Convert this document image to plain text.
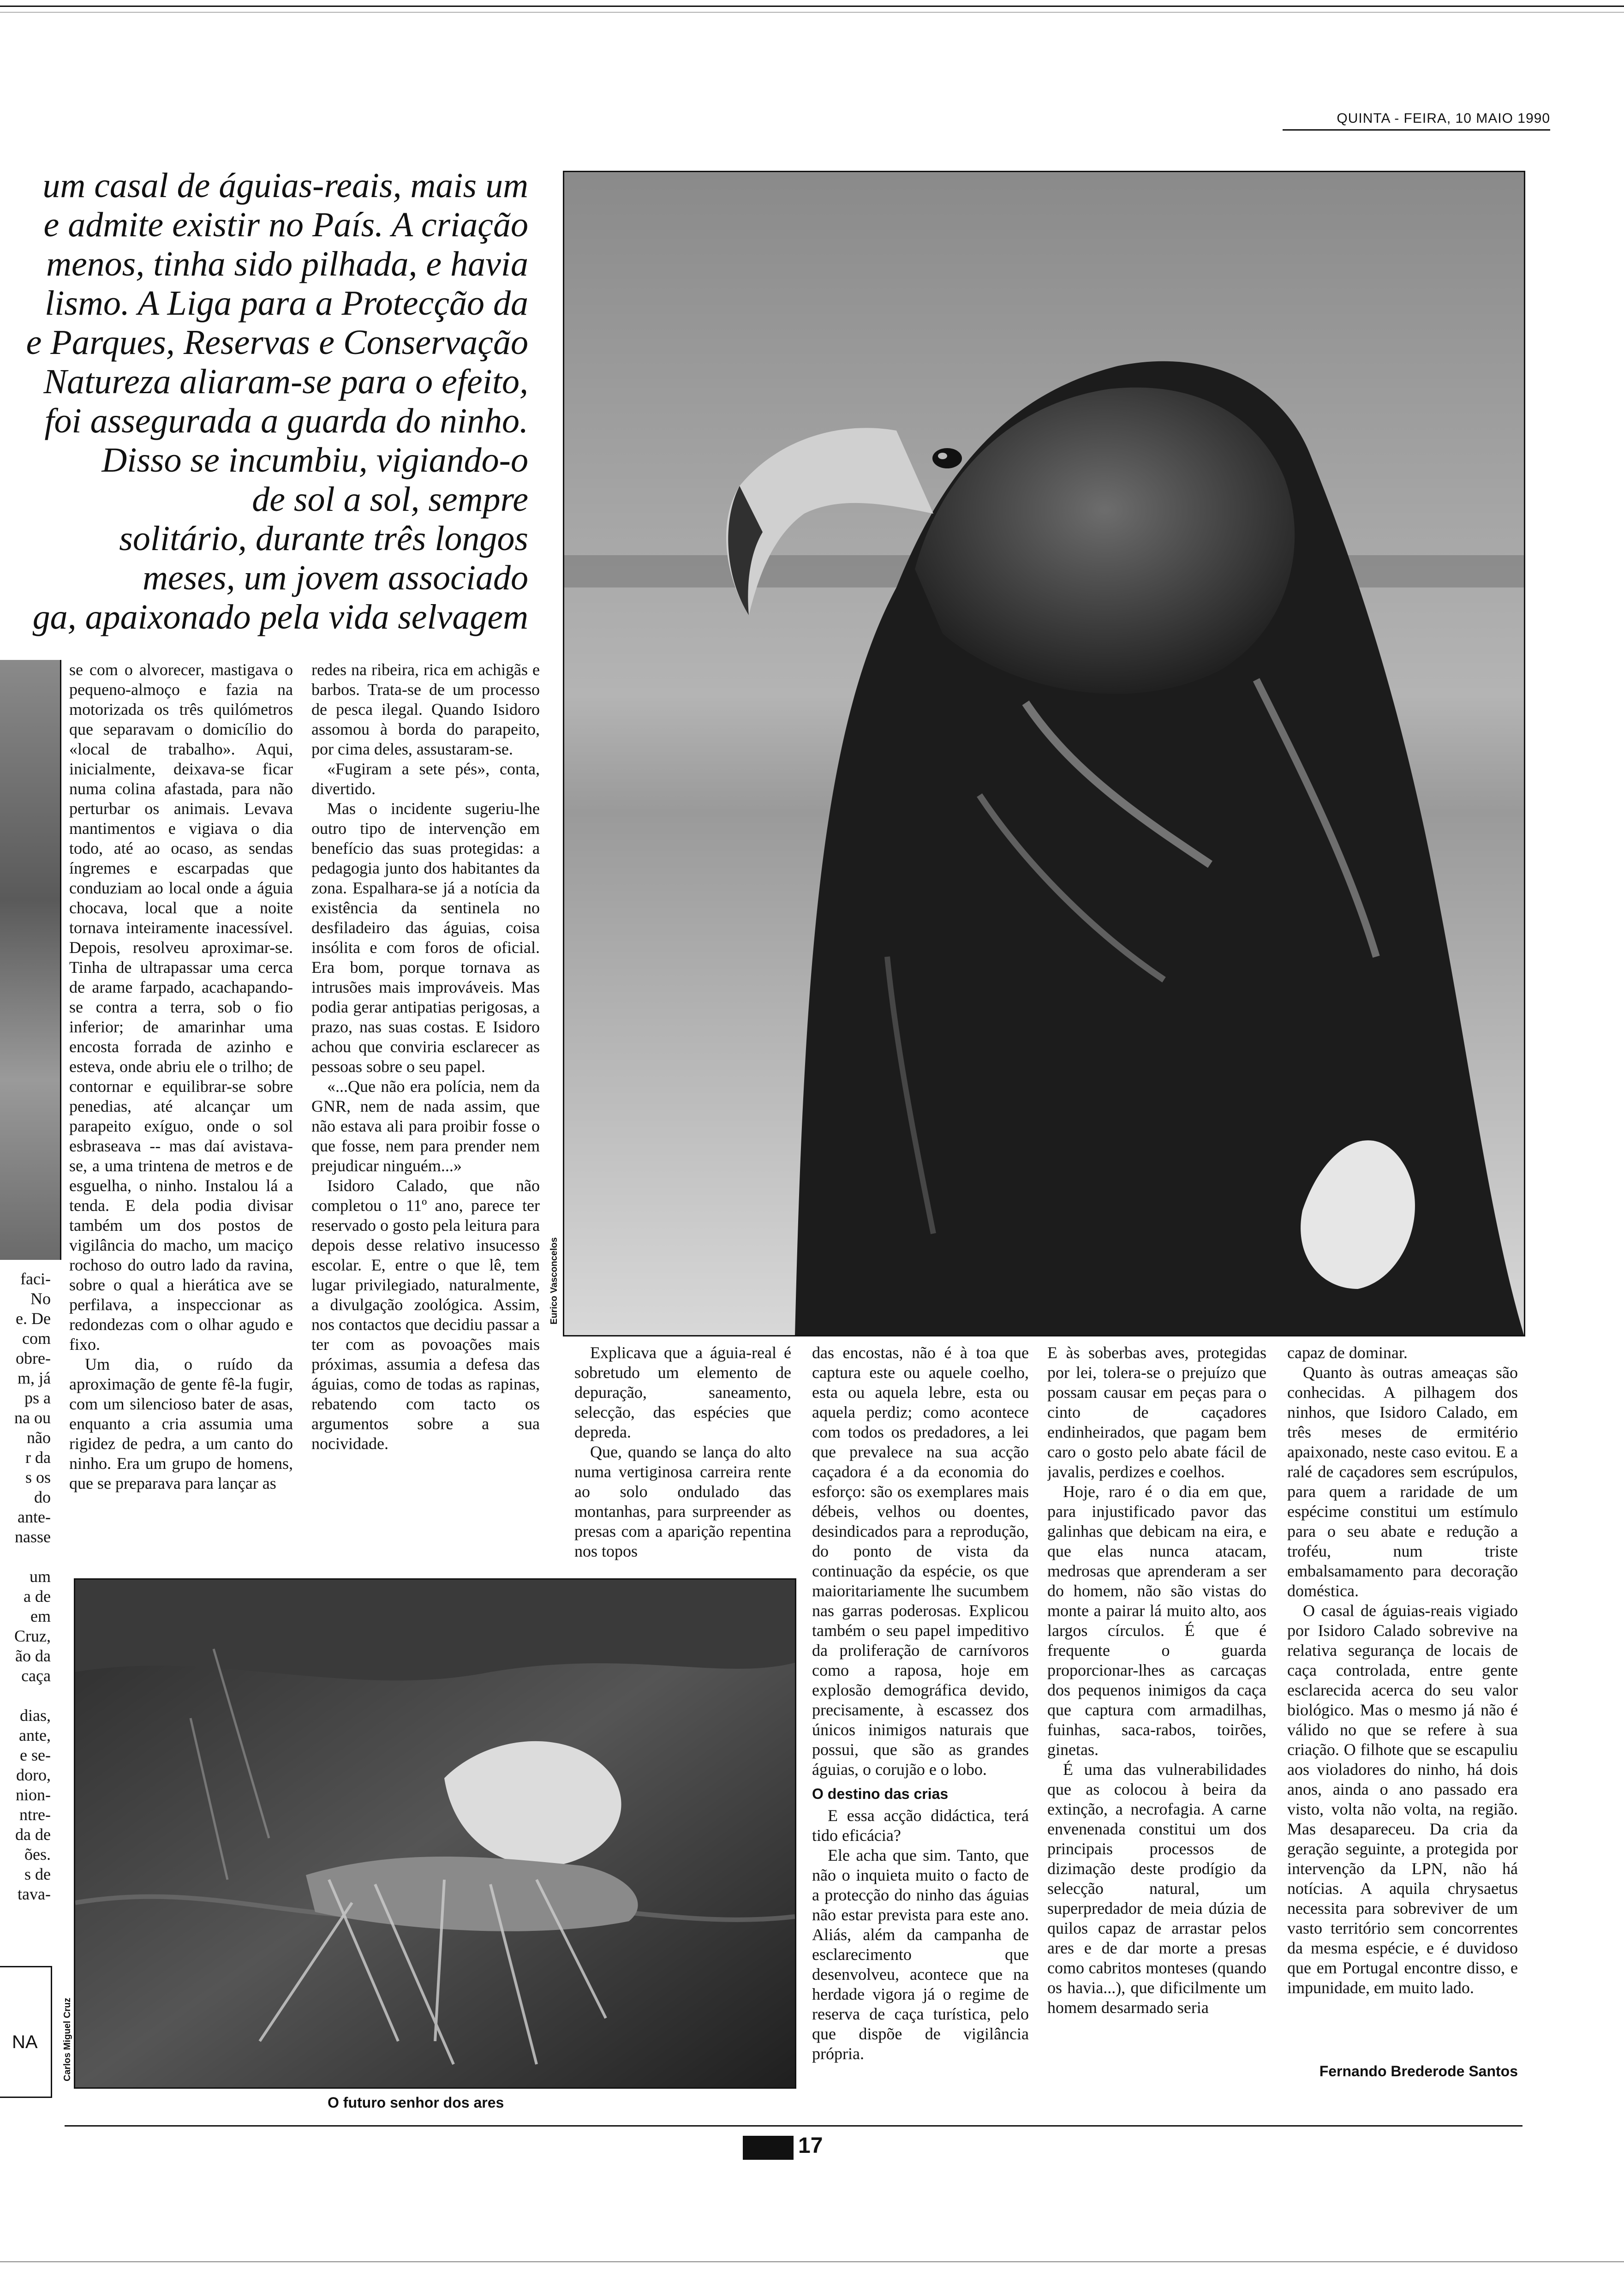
QUINTA - FEIRA, 10 MAIO 1990

um casal de águias-reais, mais um

e admite existir no País. A criação

menos, tinha sido pilhada, e havia

lismo. A Liga para a Protecção da

e Parques, Reservas e Conservação

Natureza aliaram-se para o efeito,

foi assegurada a guarda do ninho.

Disso se incumbiu, vigiando-o

de sol a sol, sempre

solitário, durante três longos

meses, um jovem associado

ga, apaixonado pela vida selvagem

Eurico Vasconcelos
faci-
No
e. De
com
obre-
m, já
ps a
na ou
não
r da
s os
do
ante-
nasse
um
a de
em
Cruz,
ão da
caça
dias,
ante,
e se-
doro,
nion-
ntre-
da de
ões.
s de
tava-
NA

se com o alvorecer, mastigava o pequeno-almoço e fazia na motorizada os três quilómetros que separavam o domicílio do «local de trabalho». Aqui, inicialmente, deixava-se ficar numa colina afastada, para não perturbar os animais. Levava mantimentos e vigiava o dia todo, até ao ocaso, as sendas íngremes e escarpadas que conduziam ao local onde a águia chocava, local que a noite tornava inteiramente inacessível. Depois, resolveu aproximar-se. Tinha de ultrapassar uma cerca de arame farpado, acachapando-se contra a terra, sob o fio inferior; de amarinhar uma encosta forrada de azinho e esteva, onde abriu ele o trilho; de contornar e equilibrar-se sobre penedias, até alcançar um parapeito exíguo, onde o sol esbraseava -- mas daí avistava-se, a uma trintena de metros e de esguelha, o ninho. Instalou lá a tenda. E dela podia divisar também um dos postos de vigilância do macho, um maciço rochoso do outro lado da ravina, sobre o qual a hierática ave se perfilava, a inspeccionar as redondezas com o olhar agudo e fixo.

Um dia, o ruído da aproximação de gente fê-la fugir, com um silencioso bater de asas, enquanto a cria assumia uma rigidez de pedra, a um canto do ninho. Era um grupo de homens, que se preparava para lançar as

redes na ribeira, rica em achigãs e barbos. Trata-se de um processo de pesca ilegal. Quando Isidoro assomou à borda do parapeito, por cima deles, assustaram-se.

«Fugiram a sete pés», conta, divertido.

Mas o incidente sugeriu-lhe outro tipo de intervenção em benefício das suas protegidas: a pedagogia junto dos habitantes da zona. Espalhara-se já a notícia da existência da sentinela no desfiladeiro das águias, coisa insólita e com foros de oficial. Era bom, porque tornava as intrusões mais improváveis. Mas podia gerar antipatias perigosas, a prazo, nas suas costas. E Isidoro achou que conviria esclarecer as pessoas sobre o seu papel.

«...Que não era polícia, nem da GNR, nem de nada assim, que não estava ali para proibir fosse o que fosse, nem para prender nem prejudicar ninguém...»

Isidoro Calado, que não completou o 11º ano, parece ter reservado o gosto pela leitura para depois desse relativo insucesso escolar. E, entre o que lê, tem lugar privilegiado, naturalmente, a divulgação zoológica. Assim, nos contactos que decidiu passar a ter com as povoações mais próximas, assumia a defesa das águias, como de todas as rapinas, rebatendo com tacto os argumentos sobre a sua nocividade.

Carlos Miguel Cruz
O futuro senhor dos ares

Explicava que a águia-real é sobretudo um elemento de depuração, saneamento, selecção, das espécies que depreda.

Que, quando se lança do alto numa vertiginosa carreira rente ao solo ondulado das montanhas, para surpreender as presas com a aparição repentina nos topos

das encostas, não é à toa que captura este ou aquele coelho, esta ou aquela lebre, esta ou aquela perdiz; como acontece com todos os predadores, a lei que prevalece na sua acção caçadora é a da economia do esforço: são os exemplares mais débeis, velhos ou doentes, desindicados para a reprodução, do ponto de vista da continuação da espécie, os que maioritariamente lhe sucumbem nas garras poderosas. Explicou também o seu papel impeditivo da proliferação de carnívoros como a raposa, hoje em explosão demográfica devido, precisamente, à escassez dos únicos inimigos naturais que possui, que são as grandes águias, o corujão e o lobo.

O destino das crias

E essa acção didáctica, terá tido eficácia?

Ele acha que sim. Tanto, que não o inquieta muito o facto de a protecção do ninho das águias não estar prevista para este ano. Aliás, além da campanha de esclarecimento que desenvolveu, acontece que na herdade vigora já o regime de reserva de caça turística, pelo que dispõe de vigilância própria.

E às soberbas aves, protegidas por lei, tolera-se o prejuízo que possam causar em peças para o cinto de caçadores endinheirados, que pagam bem caro o gosto pelo abate fácil de javalis, perdizes e coelhos.

Hoje, raro é o dia em que, para injustificado pavor das galinhas que debicam na eira, e que elas nunca atacam, medrosas que aprenderam a ser do homem, não são vistas do monte a pairar lá muito alto, aos largos círculos. É que é frequente o guarda proporcionar-lhes as carcaças dos pequenos inimigos da caça que captura com armadilhas, fuinhas, saca-rabos, toirões, ginetas.

É uma das vulnerabilidades que as colocou à beira da extinção, a necrofagia. A carne envenenada constitui um dos principais processos de dizimação deste prodígio da selecção natural, um superpredador de meia dúzia de quilos capaz de arrastar pelos ares e de dar morte a presas como cabritos monteses (quando os havia...), que dificilmente um homem desarmado seria

capaz de dominar.

Quanto às outras ameaças são conhecidas. A pilhagem dos ninhos, que Isidoro Calado, em três meses de ermitério apaixonado, neste caso evitou. E a ralé de caçadores sem escrúpulos, para quem a raridade de um espécime constitui um estímulo para o seu abate e redução a troféu, num triste embalsamamento para decoração doméstica.

O casal de águias-reais vigiado por Isidoro Calado sobrevive na relativa segurança de locais de caça controlada, entre gente esclarecida acerca do seu valor biológico. Mas o mesmo já não é válido no que se refere à sua criação. O filhote que se escapuliu aos violadores do ninho, há dois anos, ainda o ano passado era visto, volta não volta, na região. Mas desapareceu. Da cria da geração seguinte, a protegida por intervenção da LPN, não há notícias. A aquila chrysaetus necessita para sobreviver de um vasto território sem concorrentes da mesma espécie, e é duvidoso que em Portugal encontre disso, e impunidade, em muito lado.

Fernando Brederode Santos
17
